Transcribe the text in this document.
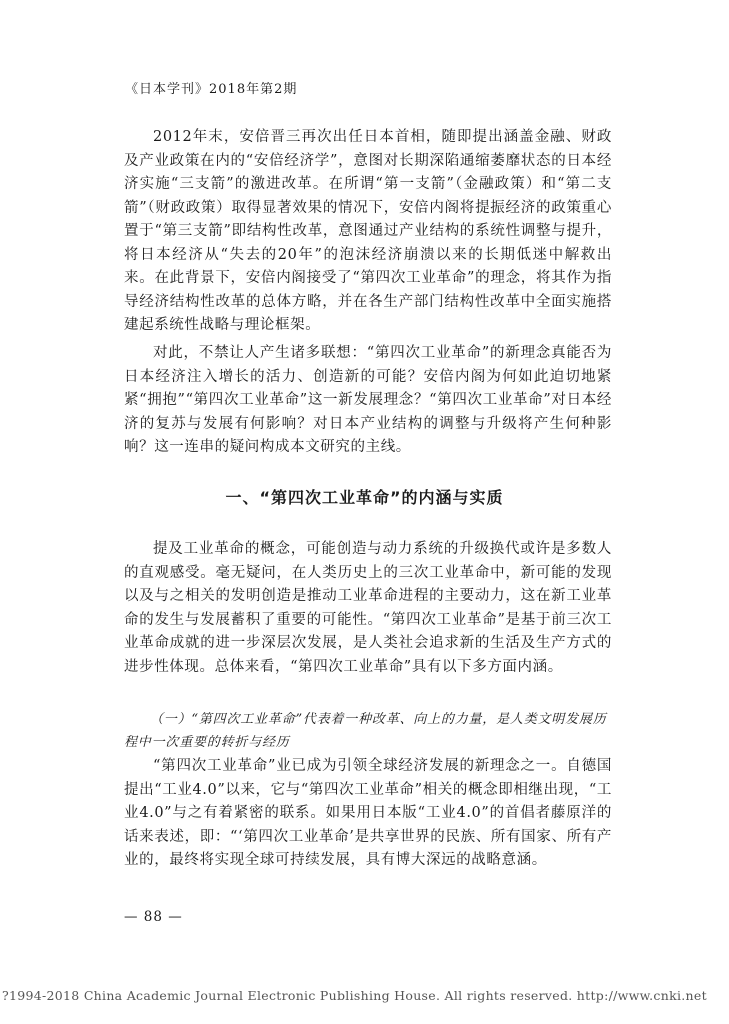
《日本学刊》2018年第2期

2012年末，安倍晋三再次出任日本首相，随即提出涵盖金融、财政及产业政策在内的“安倍经济学”，意图对长期深陷通缩萎靡状态的日本经济实施“三支箭”的激进改革。在所谓“第一支箭”（金融政策）和“第二支箭”（财政政策）取得显著效果的情况下，安倍内阁将提振经济的政策重心置于“第三支箭”即结构性改革，意图通过产业结构的系统性调整与提升，将日本经济从“失去的20年”的泡沫经济崩溃以来的长期低迷中解救出来。在此背景下，安倍内阁接受了“第四次工业革命”的理念，将其作为指导经济结构性改革的总体方略，并在各生产部门结构性改革中全面实施搭建起系统性战略与理论框架。

对此，不禁让人产生诸多联想：“第四次工业革命”的新理念真能否为日本经济注入增长的活力、创造新的可能？安倍内阁为何如此迫切地紧紧“拥抱”“第四次工业革命”这一新发展理念？“第四次工业革命”对日本经济的复苏与发展有何影响？对日本产业结构的调整与升级将产生何种影响？这一连串的疑问构成本文研究的主线。

一、“第四次工业革命”的内涵与实质

提及工业革命的概念，可能创造与动力系统的升级换代或许是多数人的直观感受。毫无疑问，在人类历史上的三次工业革命中，新可能的发现以及与之相关的发明创造是推动工业革命进程的主要动力，这在新工业革命的发生与发展蓄积了重要的可能性。“第四次工业革命”是基于前三次工业革命成就的进一步深层次发展，是人类社会追求新的生活及生产方式的进步性体现。总体来看，“第四次工业革命”具有以下多方面内涵。

（一）“第四次工业革命”代表着一种改革、向上的力量，是人类文明发展历程中一次重要的转折与经历

“第四次工业革命”业已成为引领全球经济发展的新理念之一。自德国提出“工业4.0”以来，它与“第四次工业革命”相关的概念即相继出现，“工业4.0”与之有着紧密的联系。如果用日本版“工业4.0”的首倡者藤原洋的话来表述，即：“‘第四次工业革命’是共享世界的民族、所有国家、所有产业的，最终将实现全球可持续发展，具有博大深远的战略意涵。

— 88 —
?1994-2018 China Academic Journal Electronic Publishing House. All rights reserved. http://www.cnki.net
